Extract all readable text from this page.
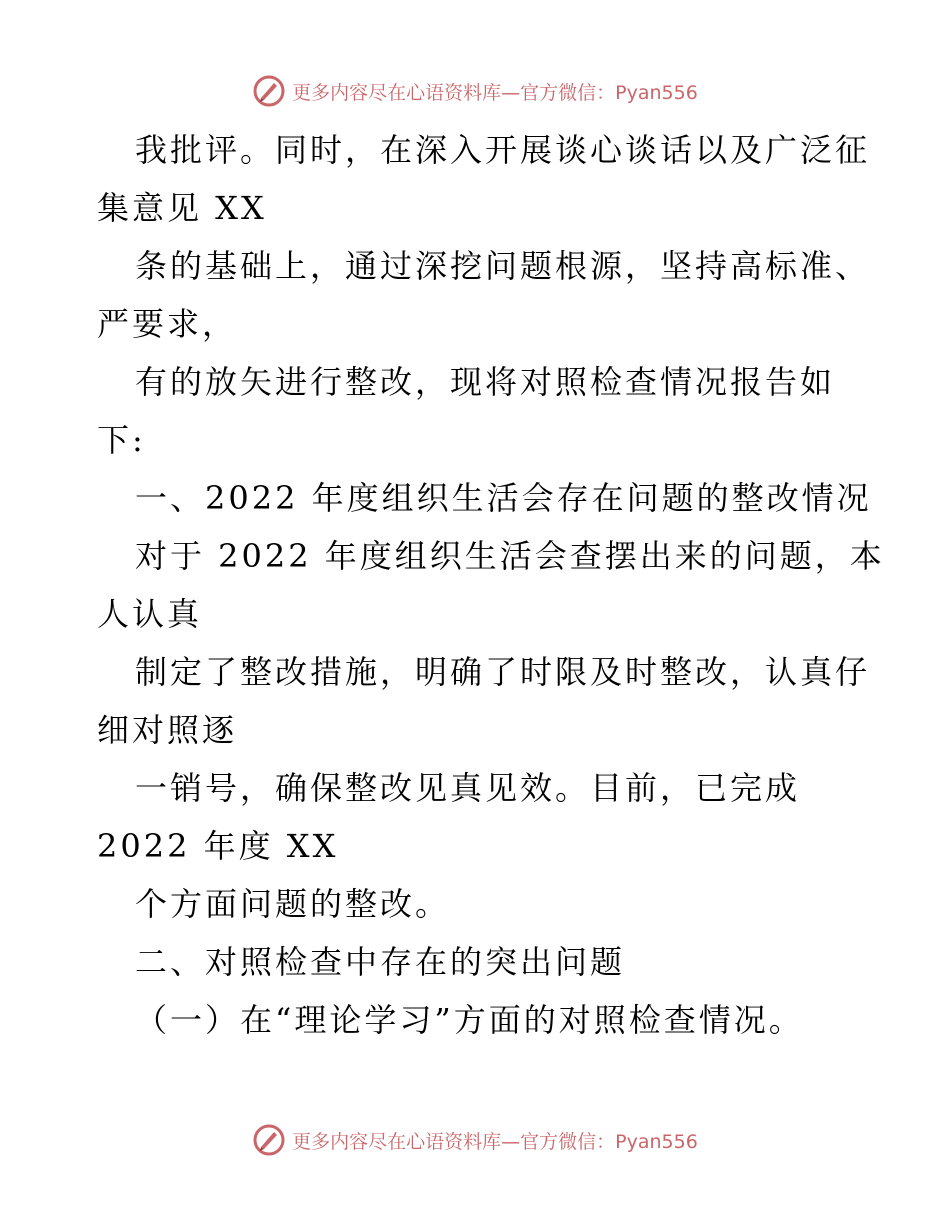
更多内容尽在心语资料库—官方微信：Pyan556
我批评。同时，在深入开展谈心谈话以及广泛征
集意见 XX
条的基础上，通过深挖问题根源，坚持高标准、
严要求，
有的放矢进行整改，现将对照检查情况报告如
下:
一、2022 年度组织生活会存在问题的整改情况
对于 2022 年度组织生活会查摆出来的问题，本
人认真
制定了整改措施，明确了时限及时整改，认真仔
细对照逐
一销号，确保整改见真见效。目前，已完成
2022 年度 XX
个方面问题的整改。
二、对照检查中存在的突出问题
（一）在“理论学习”方面的对照检查情况。
更多内容尽在心语资料库—官方微信：Pyan556
